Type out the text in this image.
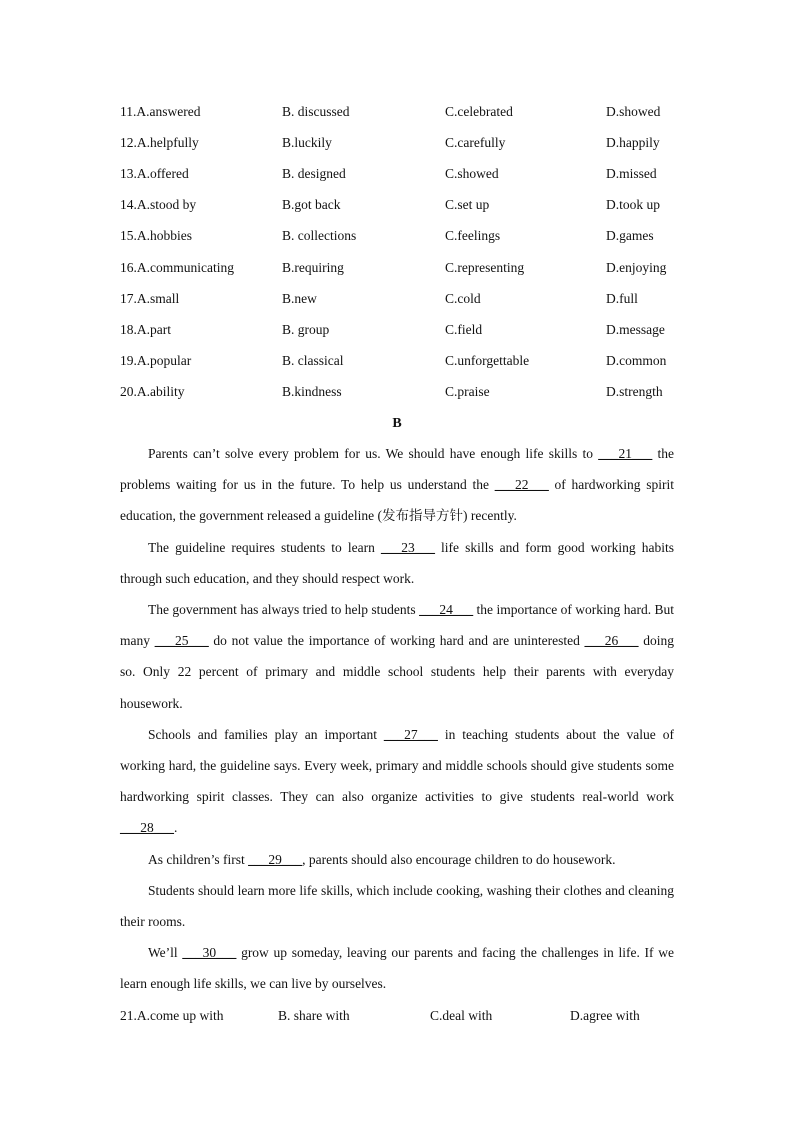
11.A.answered	B. discussed	C.celebrated	D.showed
12.A.helpfully	B.luckily	C.carefully	D.happily
13.A.offered	B. designed	C.showed	D.missed
14.A.stood by	B.got back	C.set up	D.took up
15.A.hobbies	B. collections	C.feelings	D.games
16.A.communicating	B.requiring	C.representing	D.enjoying
17.A.small	B.new	C.cold	D.full
18.A.part	B. group	C.field	D.message
19.A.popular	B. classical	C.unforgettable	D.common
20.A.ability	B.kindness	C.praise	D.strength
B

Parents can’t solve every problem for us. We should have enough life skills to ___21___ the problems waiting for us in the future. To help us understand the ___22___ of hardworking spirit education, the government released a guideline (发布指导方针) recently.

The guideline requires students to learn ___23___ life skills and form good working habits through such education, and they should respect work.

The government has always tried to help students ___24___ the importance of working hard. But many ___25___ do not value the importance of working hard and are uninterested ___26___ doing so. Only 22 percent of primary and middle school students help their parents with everyday housework.

Schools and families play an important ___27___ in teaching students about the value of working hard, the guideline says. Every week, primary and middle schools should give students some hardworking spirit classes. They can also organize activities to give students real-world work ___28___.

As children’s first ___29___, parents should also encourage children to do housework.

Students should learn more life skills, which include cooking, washing their clothes and cleaning their rooms.

We’ll ___30___ grow up someday, leaving our parents and facing the challenges in life. If we learn enough life skills, we can live by ourselves.

21.A.come up with	B. share with	C.deal with	D.agree with
